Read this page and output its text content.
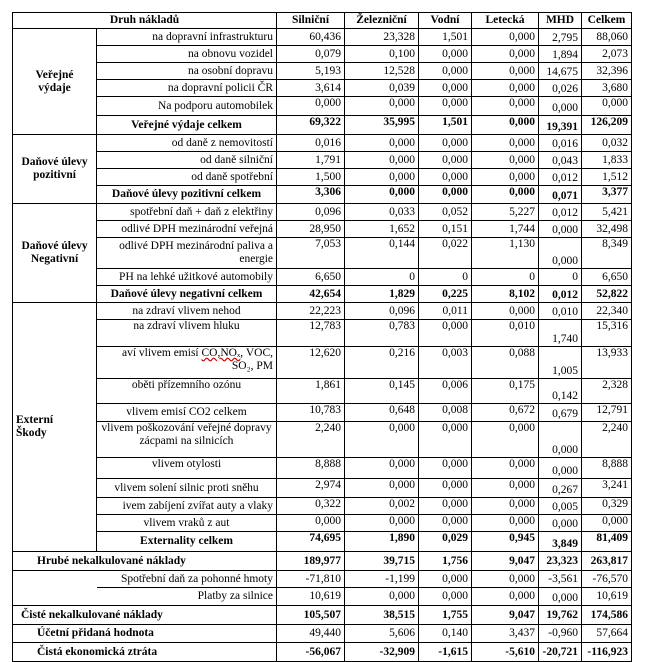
Druh nákladů		Silniční	Železniční	Vodní	Letecká	MHD	Celkem
Veřejné
výdaje	na dopravní infrastrukturu	60,436	23,328	1,501	0,000	2,795	88,060
	na obnovu vozidel	0,079	0,100	0,000	0,000	1,894	2,073
	na osobní dopravu	5,193	12,528	0,000	0,000	14,675	32,396
	na dopravní policii ČR	3,614	0,039	0,000	0,000	0,026	3,680
	Na podporu automobilek	0,000	0,000	0,000	0,000	0,000	0,000
	Veřejné výdaje celkem	69,322	35,995	1,501	0,000	19,391	126,209
Daňové úlevy
pozitivní	od daně z nemovitostí	0,016	0,000	0,000	0,000	0,016	0,032
	od daně silniční	1,791	0,000	0,000	0,000	0,043	1,833
	od daně spotřební	1,500	0,000	0,000	0,000	0,012	1,512
	Daňové úlevy pozitivní celkem	3,306	0,000	0,000	0,000	0,071	3,377
Daňové úlevy
Negativní	spotřební daň + daň z elektřiny	0,096	0,033	0,052	5,227	0,012	5,421
	odlivé DPH mezinárodní veřejná	28,950	1,652	0,151	1,744	0,000	32,498
	odlivé DPH mezinárodní paliva a energie	7,053	0,144	0,022	1,130	0,000	8,349
	PH na lehké užitkové automobily	6,650	0	0	0	0	6,650
	Daňové úlevy negativní celkem	42,654	1,829	0,225	8,102	0,012	52,822
Externí
Škody	na zdraví vlivem nehod	22,223	0,096	0,011	0,000	0,010	22,340
	na zdraví vlivem hluku	12,783	0,783	0,000	0,010	1,740	15,316
	aví vlivem emisí CO,NOₓ, VOC,
SO₂, PM	12,620	0,216	0,003	0,088	1,005	13,933
	oběti přízemního ozónu	1,861	0,145	0,006	0,175	0,142	2,328
	vlivem emisí CO2 celkem	10,783	0,648	0,008	0,672	0,679	12,791
	vlivem poškozování veřejné dopravy zácpami na silnicích	2,240	0,000	0,000	0,000	0,000	2,240
	vlivem otylosti	8,888	0,000	0,000	0,000	0,000	8,888
	vlivem solení silnic proti sněhu	2,974	0,000	0,000	0,000	0,267	3,241
	ivem zabíjení zvířat auty a vlaky	0,322	0,002	0,000	0,000	0,005	0,329
	vlivem vraků z aut	0,000	0,000	0,000	0,000	0,000	0,000
	Externality celkem	74,695	1,890	0,029	0,945	3,849	81,409
Hrubé nekalkulované náklady		189,977	39,715	1,756	9,047	23,323	263,817
	Spotřební daň za pohonné hmoty	-71,810	-1,199	0,000	0,000	-3,561	-76,570
	Platby za silnice	10,619	0,000	0,000	0,000	0,000	10,619
Čisté nekalkulované náklady		105,507	38,515	1,755	9,047	19,762	174,586
Účetní přidaná hodnota		49,440	5,606	0,140	3,437	-0,960	57,664
Čistá ekonomická ztráta		-56,067	-32,909	-1,615	-5,610	-20,721	-116,923
